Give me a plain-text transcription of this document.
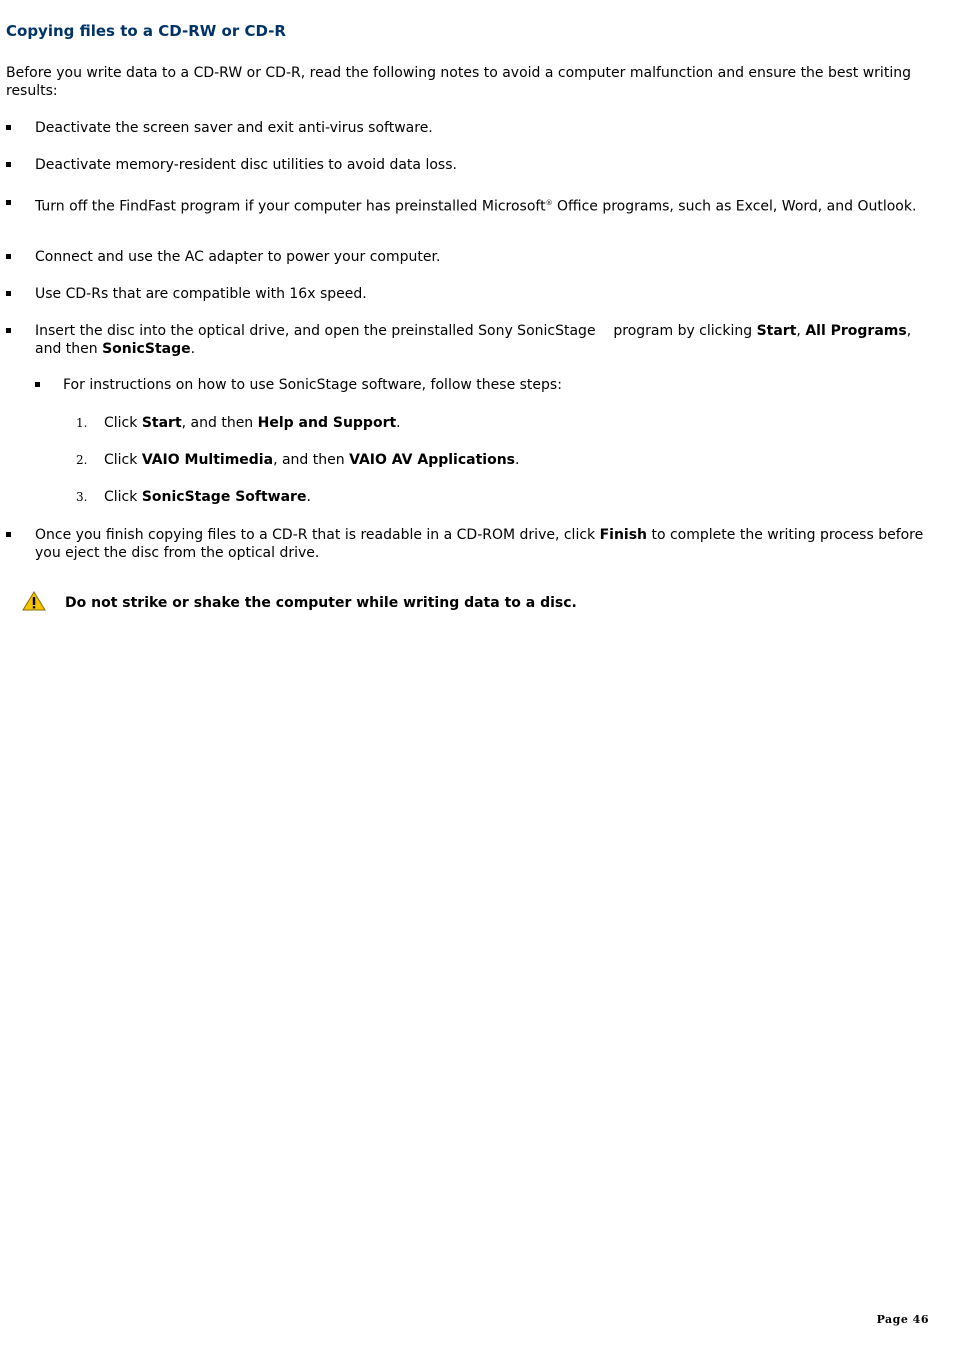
Copying files to a CD-RW or CD-R

Before you write data to a CD-RW or CD-R, read the following notes to avoid a computer malfunction and ensure the best writing results:

Deactivate the screen saver and exit anti-virus software.
Deactivate memory-resident disc utilities to avoid data loss.
Turn off the FindFast program if your computer has preinstalled Microsoft® Office programs, such as Excel, Word, and Outlook.
Connect and use the AC adapter to power your computer.
Use CD-Rs that are compatible with 16x speed.
Insert the disc into the optical drive, and open the preinstalled Sony SonicStage    program by clicking Start, All Programs, and then SonicStage.
For instructions on how to use SonicStage software, follow these steps:
1. Click Start, and then Help and Support.
2. Click VAIO Multimedia, and then VAIO AV Applications.
3. Click SonicStage Software.
Once you finish copying files to a CD-R that is readable in a CD-ROM drive, click Finish to complete the writing process before you eject the disc from the optical drive.
Do not strike or shake the computer while writing data to a disc.
Page 46
